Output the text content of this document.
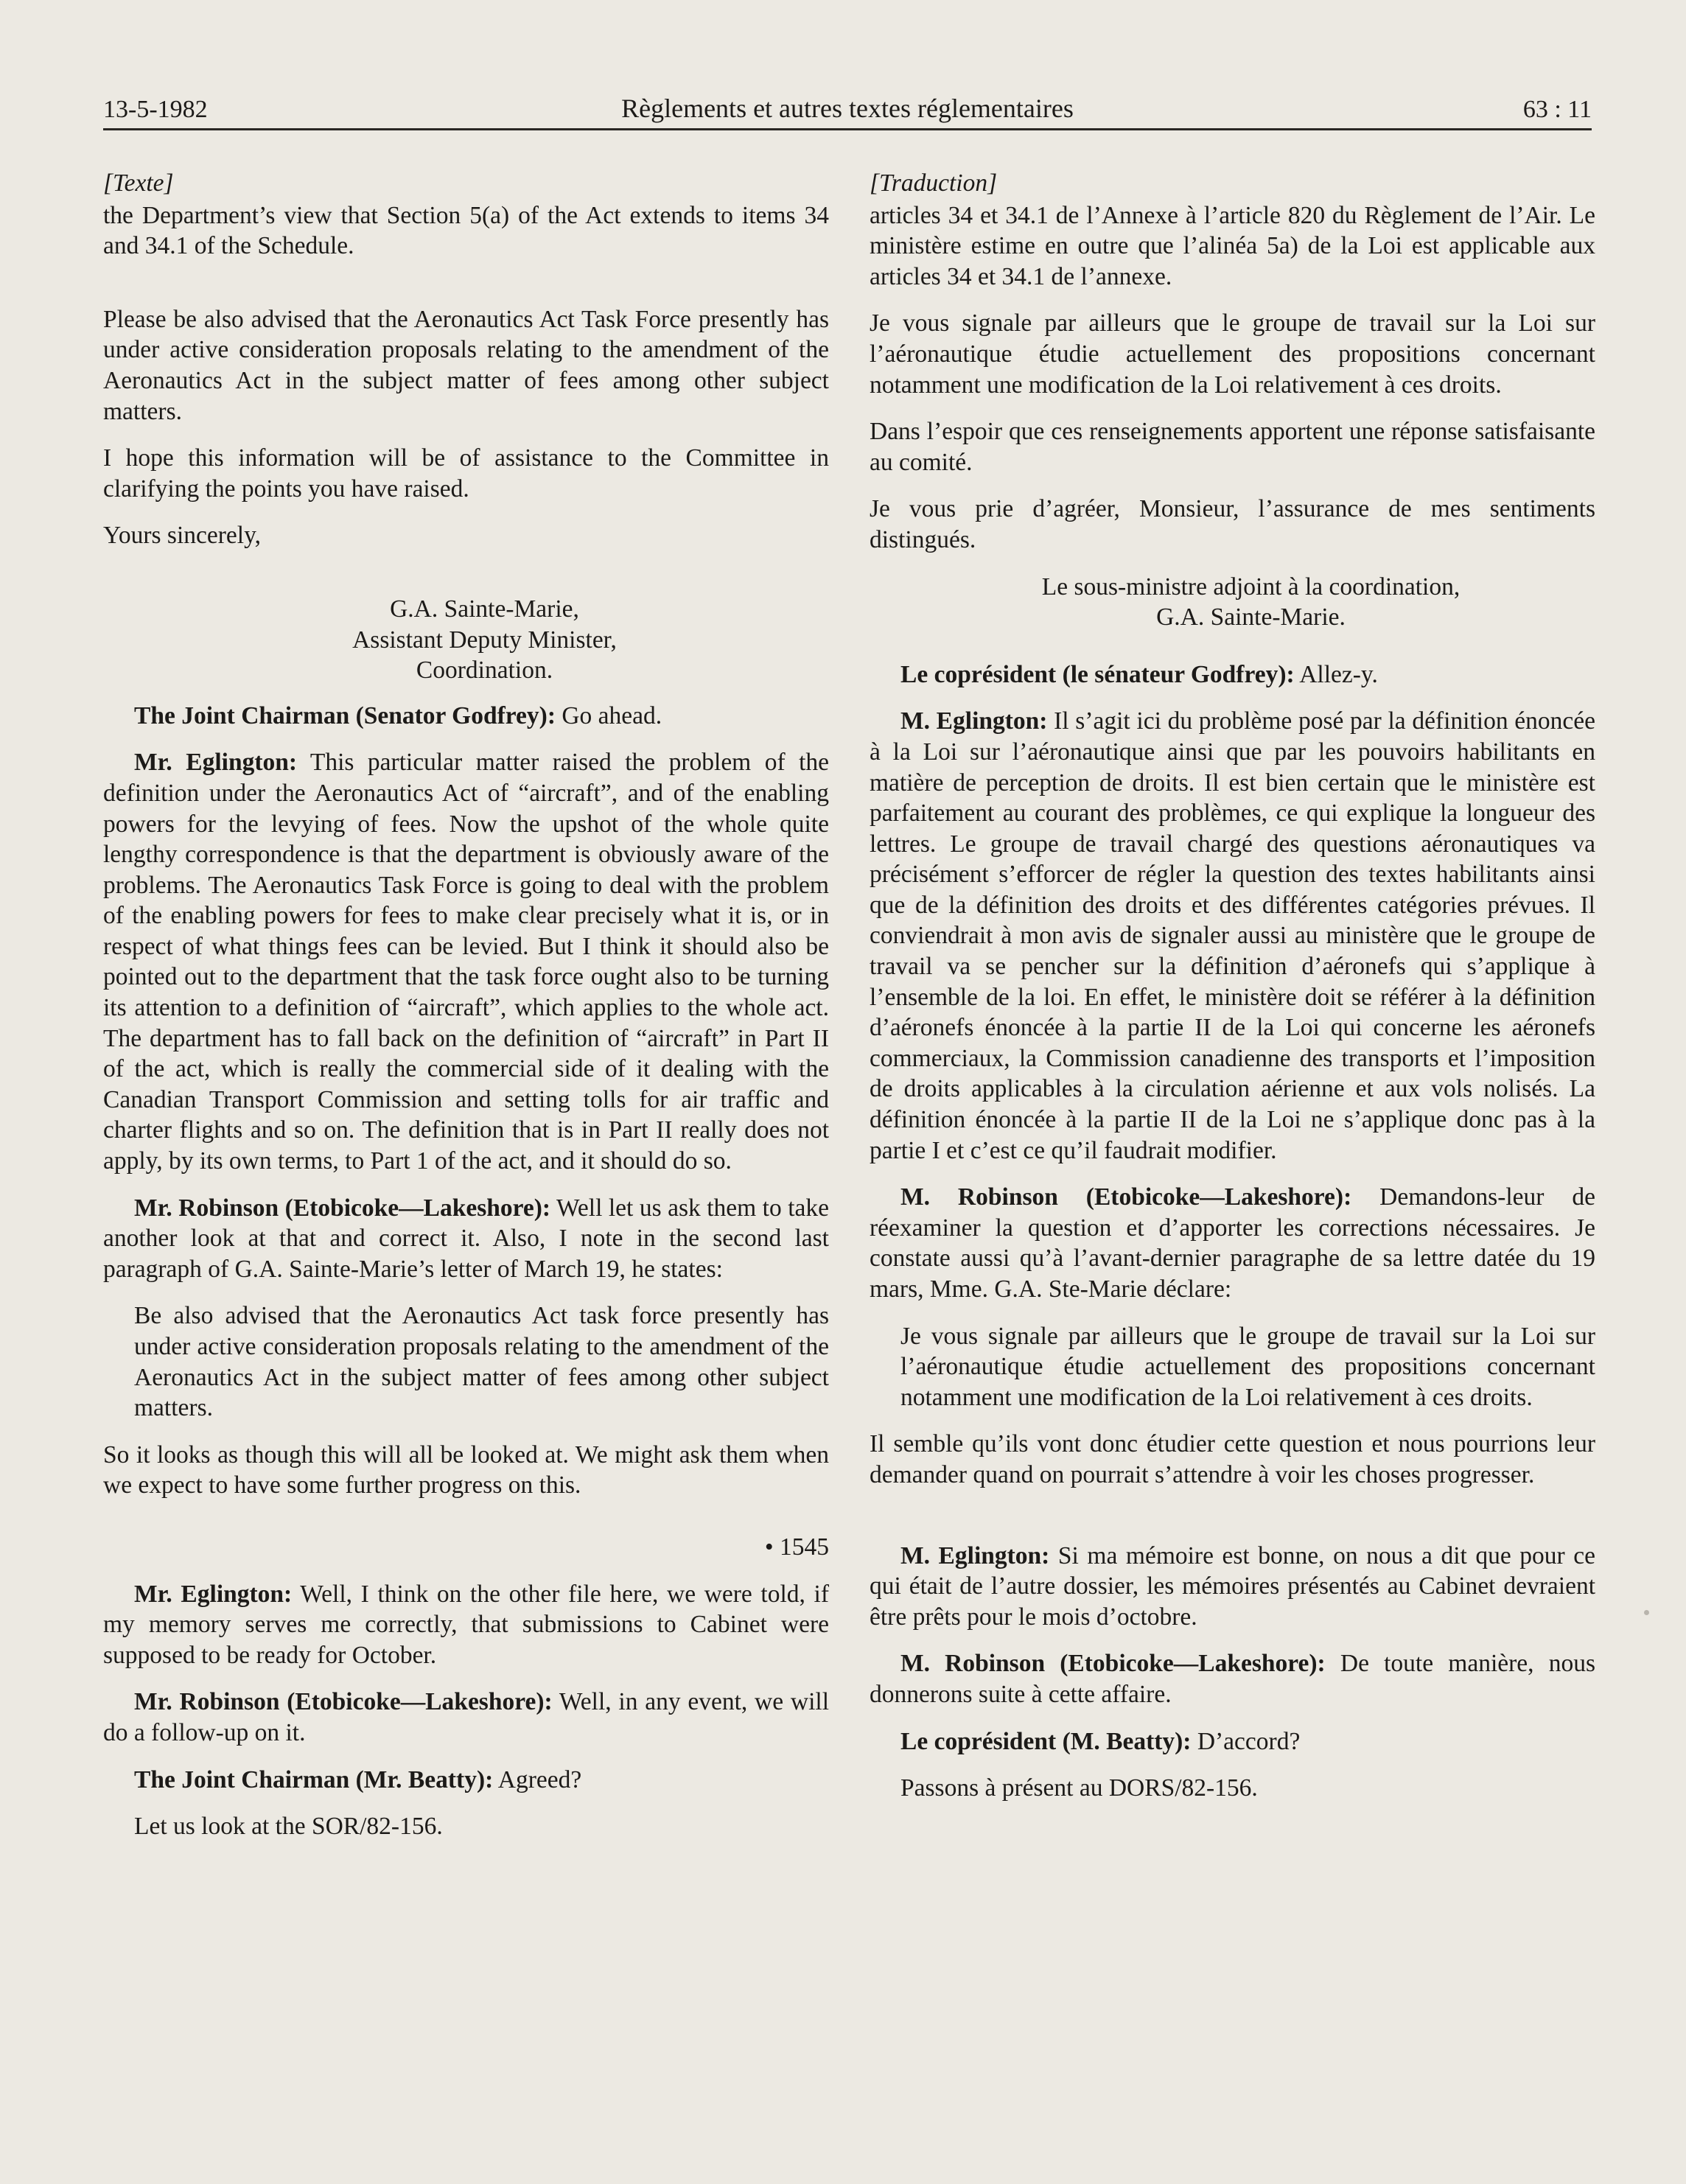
13-5-1982	Règlements et autres textes réglementaires	63 : 11

[Texte]

the Department’s view that Section 5(a) of the Act extends to items 34 and 34.1 of the Schedule.

Please be also advised that the Aeronautics Act Task Force presently has under active consideration proposals relating to the amendment of the Aeronautics Act in the subject matter of fees among other subject matters.

I hope this information will be of assistance to the Committee in clarifying the points you have raised.

Yours sincerely,

G.A. Sainte-Marie,
Assistant Deputy Minister,
Coordination.

The Joint Chairman (Senator Godfrey): Go ahead.

Mr. Eglington: This particular matter raised the problem of the definition under the Aeronautics Act of “aircraft”, and of the enabling powers for the levying of fees. Now the upshot of the whole quite lengthy correspondence is that the department is obviously aware of the problems. The Aeronautics Task Force is going to deal with the problem of the enabling powers for fees to make clear precisely what it is, or in respect of what things fees can be levied. But I think it should also be pointed out to the department that the task force ought also to be turning its attention to a definition of “aircraft”, which applies to the whole act. The department has to fall back on the definition of “aircraft” in Part II of the act, which is really the commercial side of it dealing with the Canadian Transport Commission and setting tolls for air traffic and charter flights and so on. The definition that is in Part II really does not apply, by its own terms, to Part 1 of the act, and it should do so.

Mr. Robinson (Etobicoke—Lakeshore): Well let us ask them to take another look at that and correct it. Also, I note in the second last paragraph of G.A. Sainte-Marie’s letter of March 19, he states:

Be also advised that the Aeronautics Act task force presently has under active consideration proposals relating to the amendment of the Aeronautics Act in the subject matter of fees among other subject matters.

So it looks as though this will all be looked at. We might ask them when we expect to have some further progress on this.

• 1545

Mr. Eglington: Well, I think on the other file here, we were told, if my memory serves me correctly, that submissions to Cabinet were supposed to be ready for October.

Mr. Robinson (Etobicoke—Lakeshore): Well, in any event, we will do a follow-up on it.

The Joint Chairman (Mr. Beatty): Agreed?

Let us look at the SOR/82-156.

[Traduction]

articles 34 et 34.1 de l’Annexe à l’article 820 du Règlement de l’Air. Le ministère estime en outre que l’alinéa 5a) de la Loi est applicable aux articles 34 et 34.1 de l’annexe.

Je vous signale par ailleurs que le groupe de travail sur la Loi sur l’aéronautique étudie actuellement des propositions concernant notamment une modification de la Loi relativement à ces droits.

Dans l’espoir que ces renseignements apportent une réponse satisfaisante au comité.

Je vous prie d’agréer, Monsieur, l’assurance de mes sentiments distingués.

Le sous-ministre adjoint à la coordination,
G.A. Sainte-Marie.

Le coprésident (le sénateur Godfrey): Allez-y.

M. Eglington: Il s’agit ici du problème posé par la définition énoncée à la Loi sur l’aéronautique ainsi que par les pouvoirs habilitants en matière de perception de droits. Il est bien certain que le ministère est parfaitement au courant des problèmes, ce qui explique la longueur des lettres. Le groupe de travail chargé des questions aéronautiques va précisément s’efforcer de régler la question des textes habilitants ainsi que de la définition des droits et des différentes catégories prévues. Il conviendrait à mon avis de signaler aussi au ministère que le groupe de travail va se pencher sur la définition d’aéronefs qui s’applique à l’ensemble de la loi. En effet, le ministère doit se référer à la définition d’aéronefs énoncée à la partie II de la Loi qui concerne les aéronefs commerciaux, la Commission canadienne des transports et l’imposition de droits applicables à la circulation aérienne et aux vols nolisés. La définition énoncée à la partie II de la Loi ne s’applique donc pas à la partie I et c’est ce qu’il faudrait modifier.

M. Robinson (Etobicoke—Lakeshore): Demandons-leur de réexaminer la question et d’apporter les corrections nécessaires. Je constate aussi qu’à l’avant-dernier paragraphe de sa lettre datée du 19 mars, Mme. G.A. Ste-Marie déclare:

Je vous signale par ailleurs que le groupe de travail sur la Loi sur l’aéronautique étudie actuellement des propositions concernant notamment une modification de la Loi relativement à ces droits.

Il semble qu’ils vont donc étudier cette question et nous pourrions leur demander quand on pourrait s’attendre à voir les choses progresser.

M. Eglington: Si ma mémoire est bonne, on nous a dit que pour ce qui était de l’autre dossier, les mémoires présentés au Cabinet devraient être prêts pour le mois d’octobre.

M. Robinson (Etobicoke—Lakeshore): De toute manière, nous donnerons suite à cette affaire.

Le coprésident (M. Beatty): D’accord?

Passons à présent au DORS/82-156.
